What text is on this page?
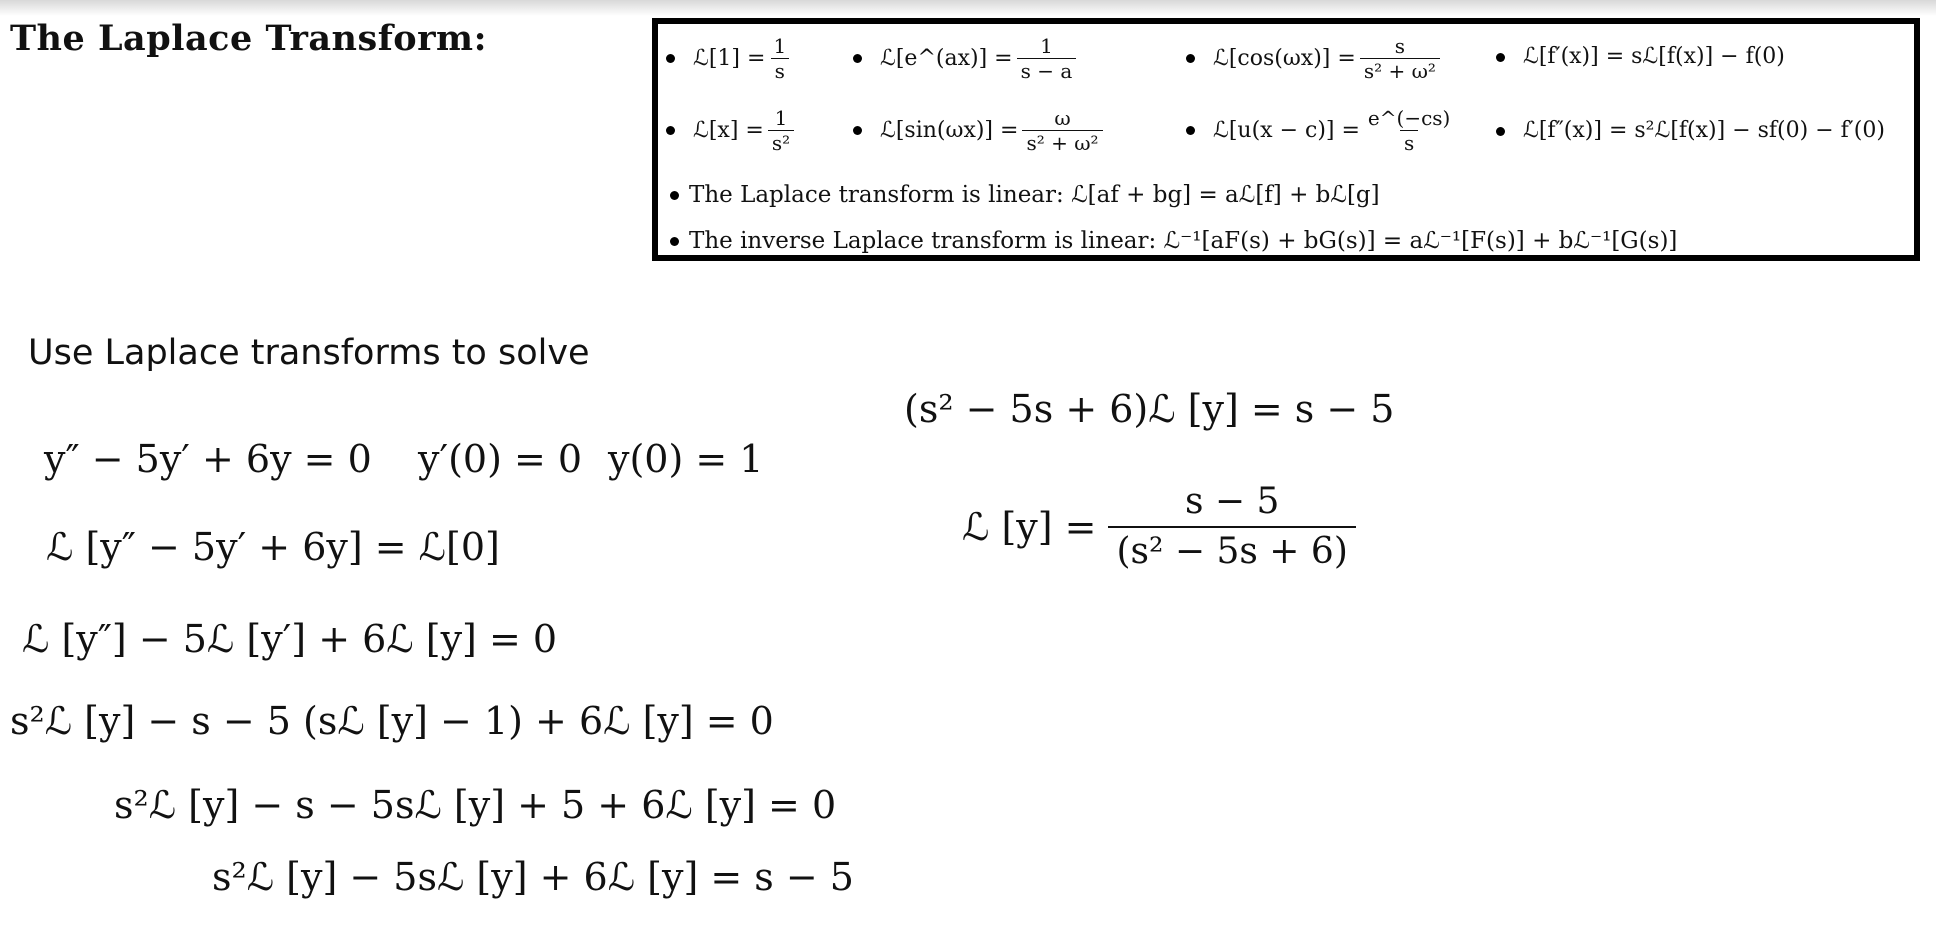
The Laplace Transform:	ℒ[1] = $\frac{1}{s}$	ℒ[e^(ax)] = $\frac{1}{s - a}$	ℒ[cos(ωx)] = $\frac{s}{\text{s² + ω²}}$	ℒ[f′(x)] = sℒ[f(x)] − f(0)
ℒ[x] = $\frac{1}{\text{s²}}$	ℒ[sin(ωx)] = $\frac{\omega}{\text{s² + ω²}}$	ℒ[u(x − $c)] = \frac{e\^{}(-cs)}{s}$	ℒ[f″(x)] = s²ℒ[f(x)] − sf(0) − f′(0)
The Laplace transform is linear: ℒ[af + bg] = aℒ[f] + bℒ[g]
The inverse Laplace transform is linear: ℒ⁻¹[aF(s) + bG(s)] = aℒ⁻¹[F(s)] + bℒ⁻¹[G(s)]
Use Laplace transforms to solve
y″ − 5y′ + 6y = 0 y′(0) = 0 y(0) = 1
ℒ [y″ − 5y′ + 6y] = ℒ[0]
ℒ [y″] − 5ℒ [y′] + 6ℒ [y] = 0
s²ℒ [y] − s − 5 (sℒ [y] − 1) + 6ℒ [y] = 0
s²ℒ [y] − s − 5sℒ [y] + 5 + 6ℒ [y] = 0
s²ℒ [y] − 5sℒ [y] + 6ℒ [y] = s − 5
(s² − 5s + 6)ℒ [y] = s − 5
ℒ $[y] = \frac{s - 5}{\text{(s² − 5s + 6)}}$
